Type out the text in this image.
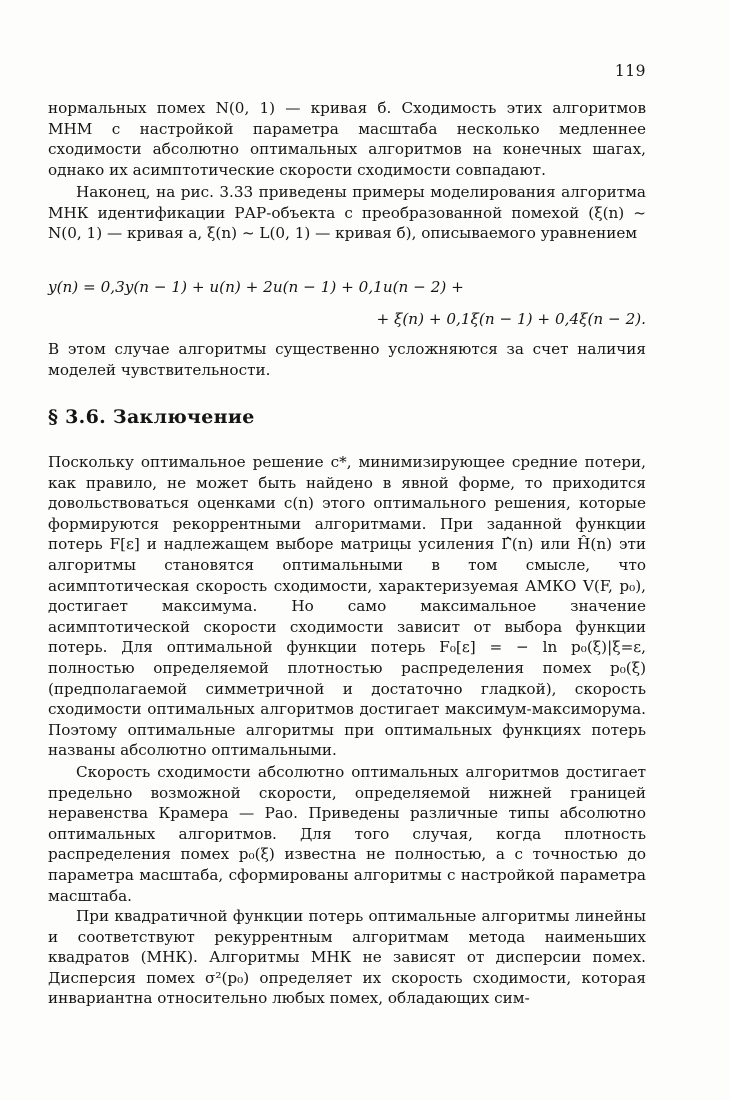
119

нормальных помех N(0, 1) — кривая б. Сходимость этих алгоритмов МНМ с настройкой параметра масштаба несколько медленнее сходимости абсолютно оптимальных алгоритмов на конечных шагах, однако их асимптотические скорости сходимости совпадают.

Наконец, на рис. 3.33 приведены примеры моделирования алгоритма МНК идентификации РАР-объекта с преобразованной помехой (ξ(n) ~ N(0, 1) — кривая а, ξ(n) ~ L(0, 1) — кривая б), описываемого уравнением

y(n) = 0,3y(n − 1) + u(n) + 2u(n − 1) + 0,1u(n − 2) +
+ ξ(n) + 0,1ξ(n − 1) + 0,4ξ(n − 2).

В этом случае алгоритмы существенно усложняются за счет наличия моделей чувствительности.

§ 3.6. Заключение

Поскольку оптимальное решение c*, минимизирующее средние потери, как правило, не может быть найдено в явной форме, то приходится довольствоваться оценками c(n) этого оптимального решения, которые формируются рекоррентными алгоритмами. При заданной функции потерь F[ε] и надлежащем выборе матрицы усиления Γ̂(n) или Ĥ(n) эти алгоритмы становятся оптимальными в том смысле, что асимптотическая скорость сходимости, характеризуемая АМКО V(F, p₀), достигает максимума. Но само максимальное значение асимптотической скорости сходимости зависит от выбора функции потерь. Для оптимальной функции потерь F₀[ε] = − ln p₀(ξ)|ξ=ε, полностью определяемой плотностью распределения помех p₀(ξ) (предполагаемой симметричной и достаточно гладкой), скорость сходимости оптимальных алгоритмов достигает максимум-максиморума. Поэтому оптимальные алгоритмы при оптимальных функциях потерь названы абсолютно оптимальными.

Скорость сходимости абсолютно оптимальных алгоритмов достигает предельно возможной скорости, определяемой нижней границей неравенства Крамера — Рао. Приведены различные типы абсолютно оптимальных алгоритмов. Для того случая, когда плотность распределения помех p₀(ξ) известна не полностью, а с точностью до параметра масштаба, сформированы алгоритмы с настройкой параметра масштаба.

При квадратичной функции потерь оптимальные алгоритмы линейны и соответствуют рекуррентным алгоритмам метода наименьших квадратов (МНК). Алгоритмы МНК не зависят от дисперсии помех. Дисперсия помех σ²(p₀) определяет их скорость сходимости, которая инвариантна относительно любых помех, обладающих сим-
